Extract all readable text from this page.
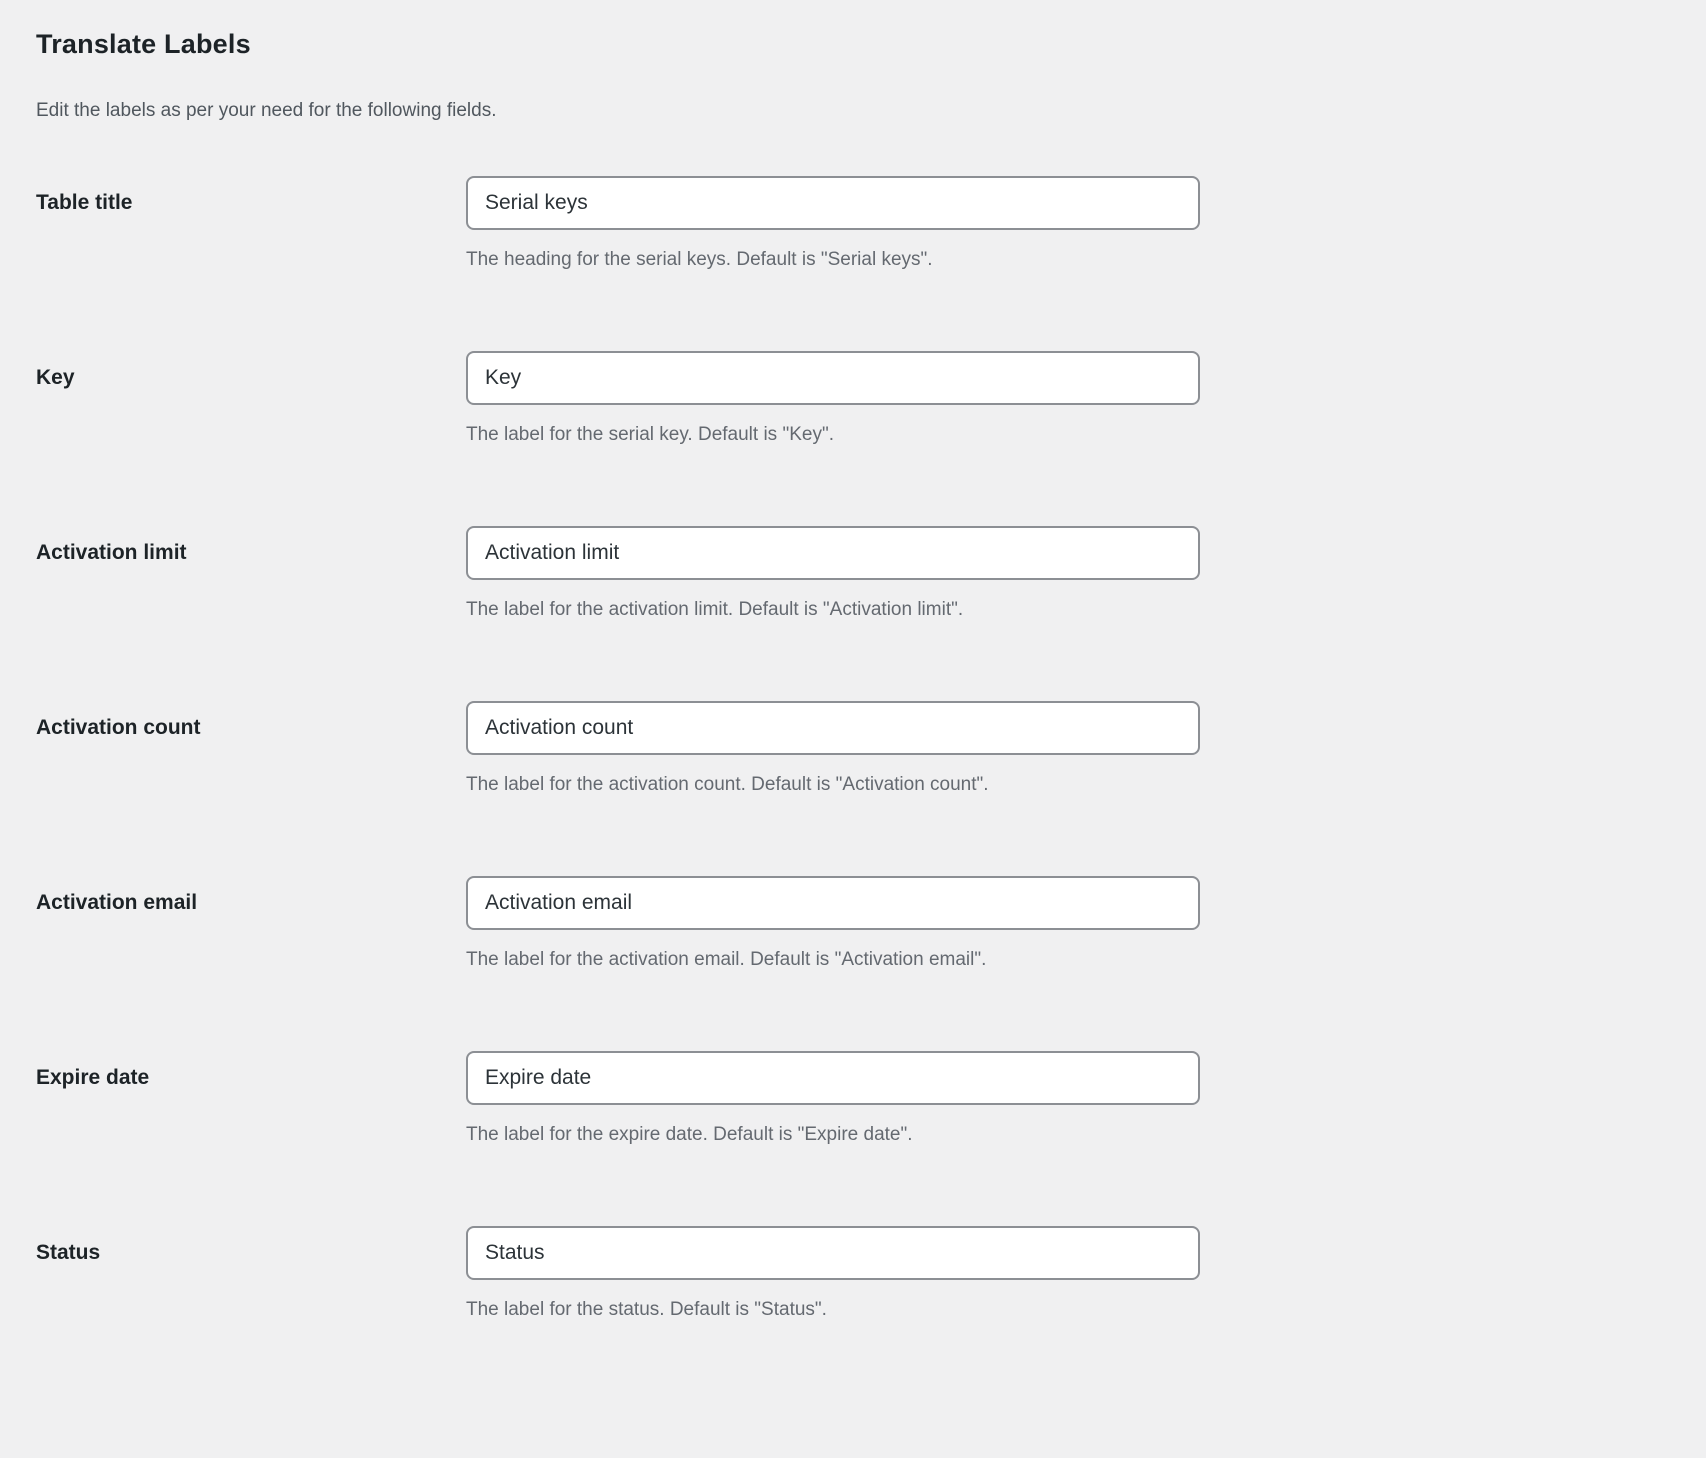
Translate Labels

Edit the labels as per your need for the following fields.

Table title
Serial keys

The heading for the serial keys. Default is "Serial keys".

Key
Key

The label for the serial key. Default is "Key".

Activation limit
Activation limit

The label for the activation limit. Default is "Activation limit".

Activation count
Activation count

The label for the activation count. Default is "Activation count".

Activation email
Activation email

The label for the activation email. Default is "Activation email".

Expire date
Expire date

The label for the expire date. Default is "Expire date".

Status
Status

The label for the status. Default is "Status".
